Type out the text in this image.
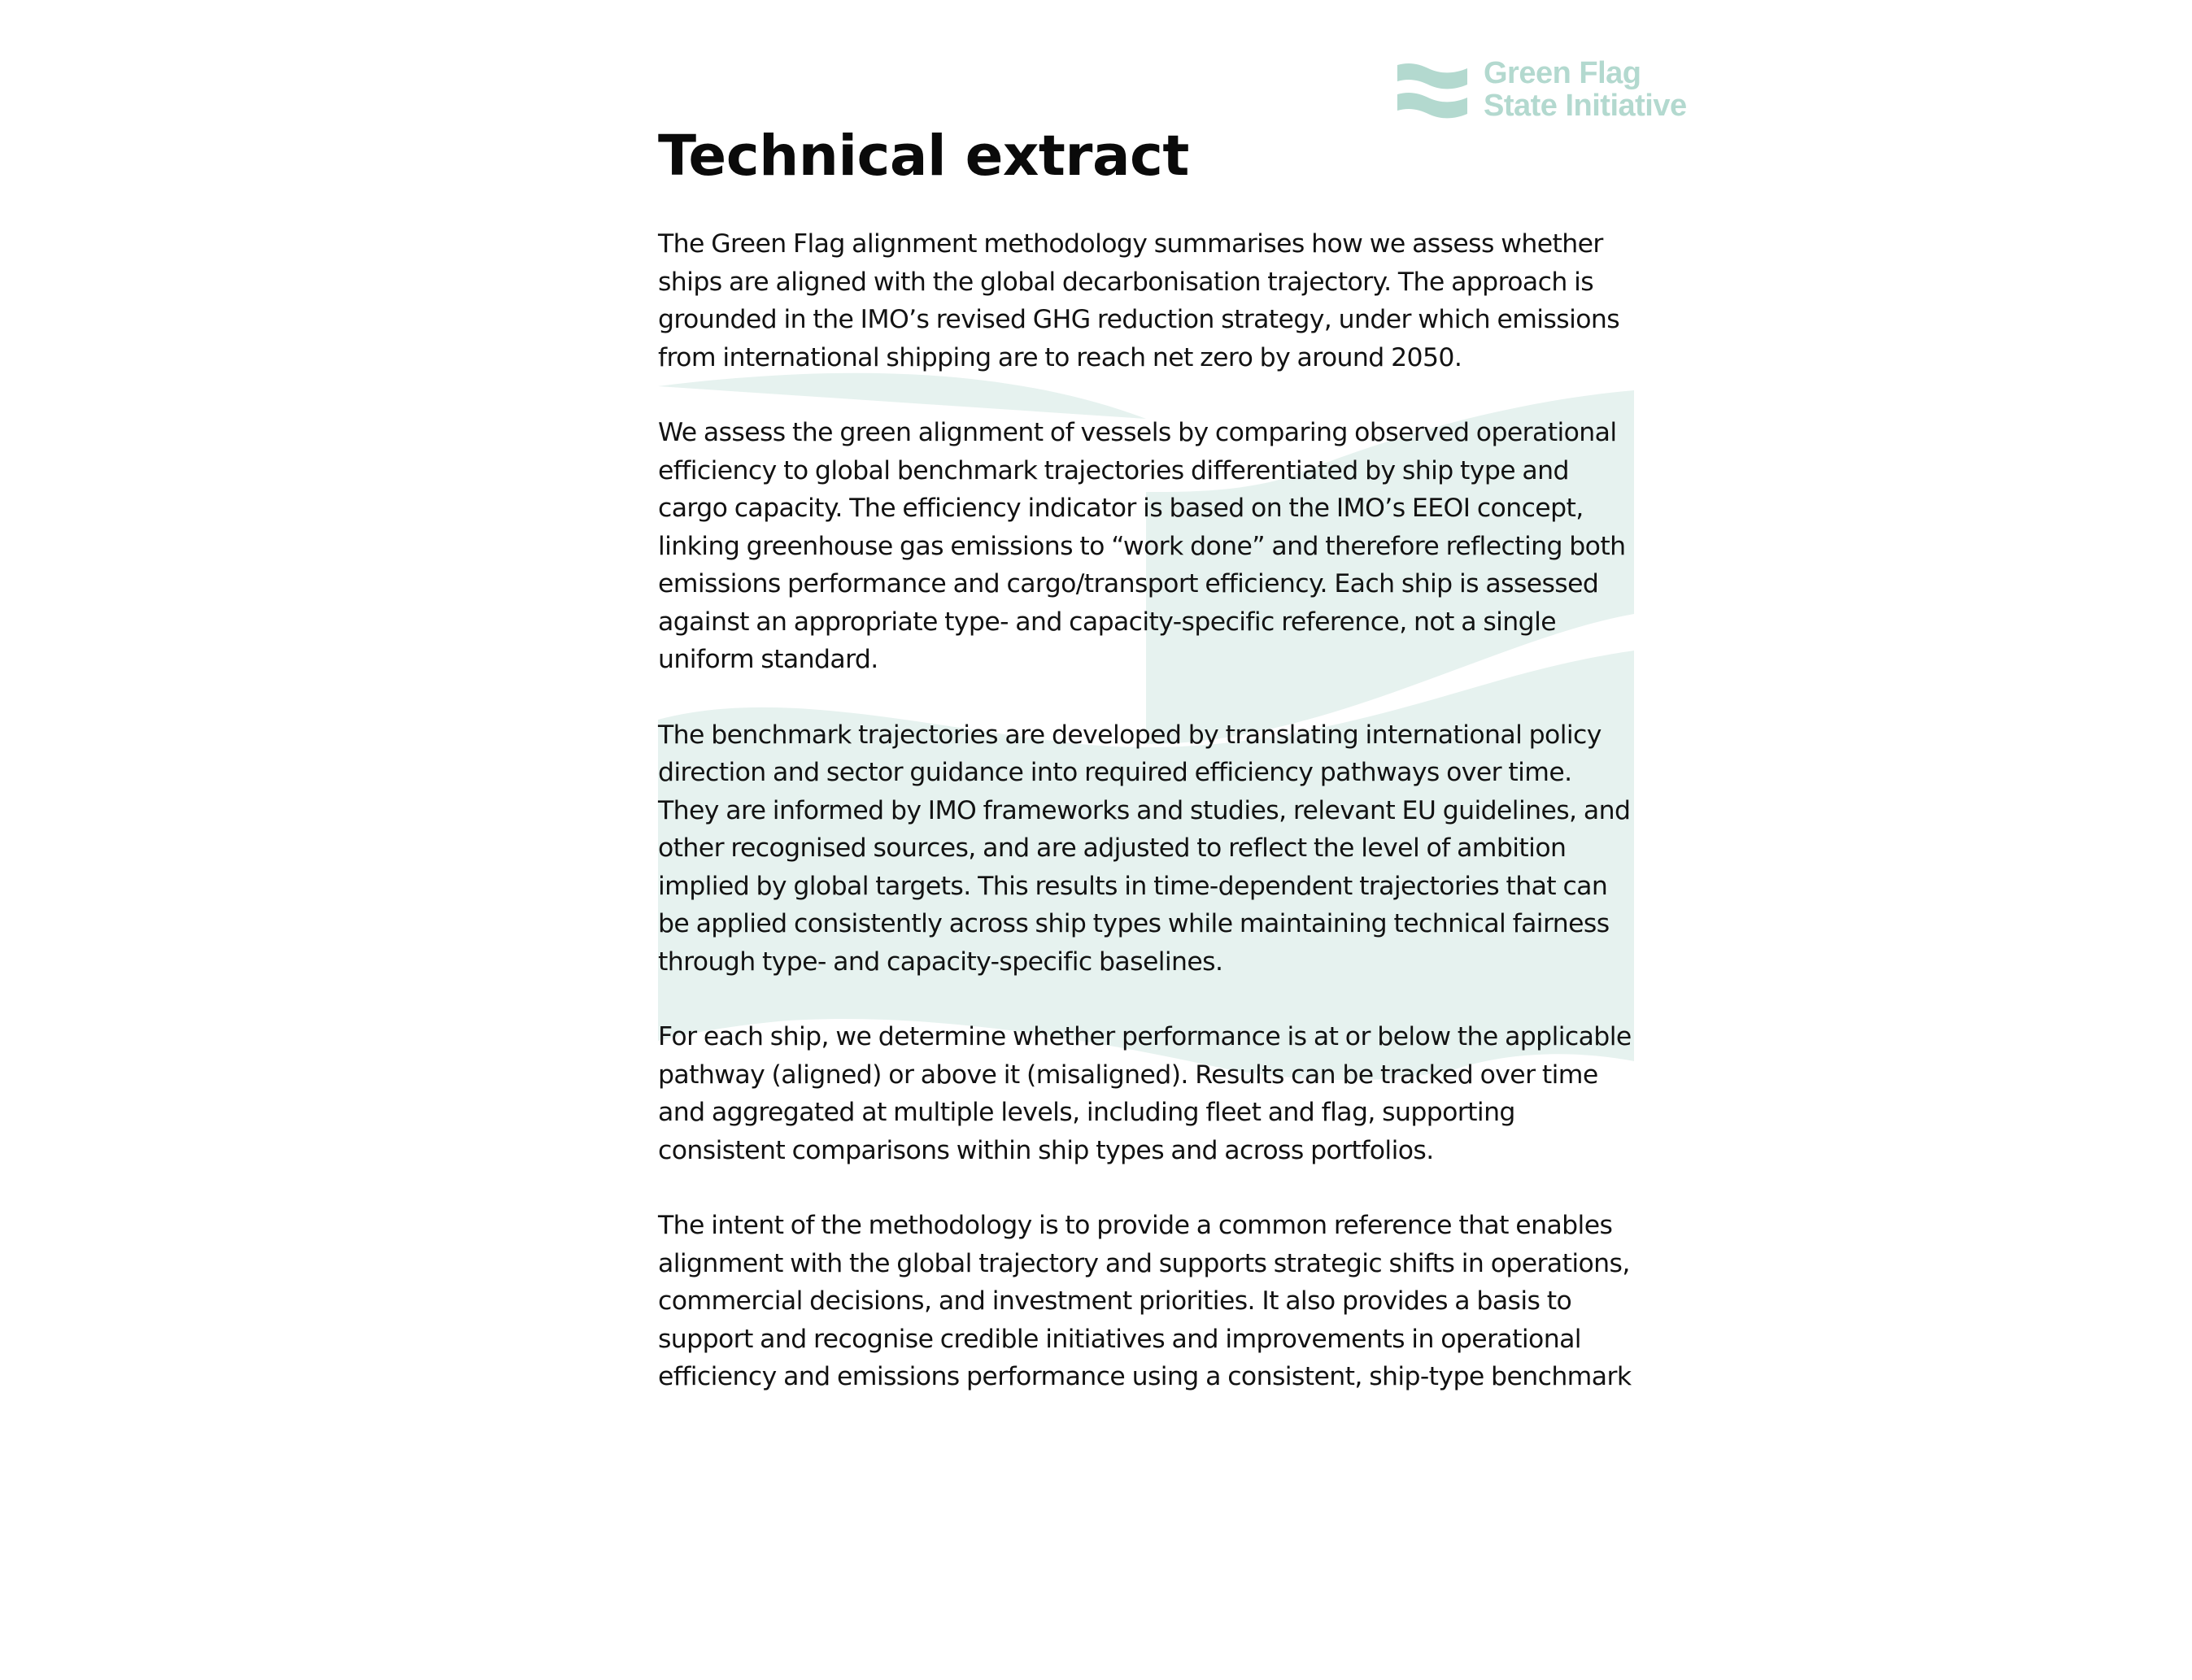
Green Flag
State Initiative
Technical extract

The Green Flag alignment methodology summarises how we assess whether ships are aligned with the global decarbonisation trajectory. The approach is grounded in the IMO’s revised GHG reduction strategy, under which emissions from international shipping are to reach net zero by around 2050.

We assess the green alignment of vessels by comparing observed operational efficiency to global benchmark trajectories differentiated by ship type and cargo capacity. The efficiency indicator is based on the IMO’s EEOI concept, linking greenhouse gas emissions to “work done” and therefore reflecting both emissions performance and cargo/transport efficiency. Each ship is assessed against an appropriate type- and capacity-specific reference, not a single uniform standard.

The benchmark trajectories are developed by translating international policy direction and sector guidance into required efficiency pathways over time. They are informed by IMO frameworks and studies, relevant EU guidelines, and other recognised sources, and are adjusted to reflect the level of ambition implied by global targets. This results in time-dependent trajectories that can be applied consistently across ship types while maintaining technical fairness through type- and capacity-specific baselines.

For each ship, we determine whether performance is at or below the applicable pathway (aligned) or above it (misaligned). Results can be tracked over time and aggregated at multiple levels, including fleet and flag, supporting consistent comparisons within ship types and across portfolios.

The intent of the methodology is to provide a common reference that enables alignment with the global trajectory and supports strategic shifts in operations, commercial decisions, and investment priorities. It also provides a basis to support and recognise credible initiatives and improvements in operational efficiency and emissions performance using a consistent, ship-type benchmark
